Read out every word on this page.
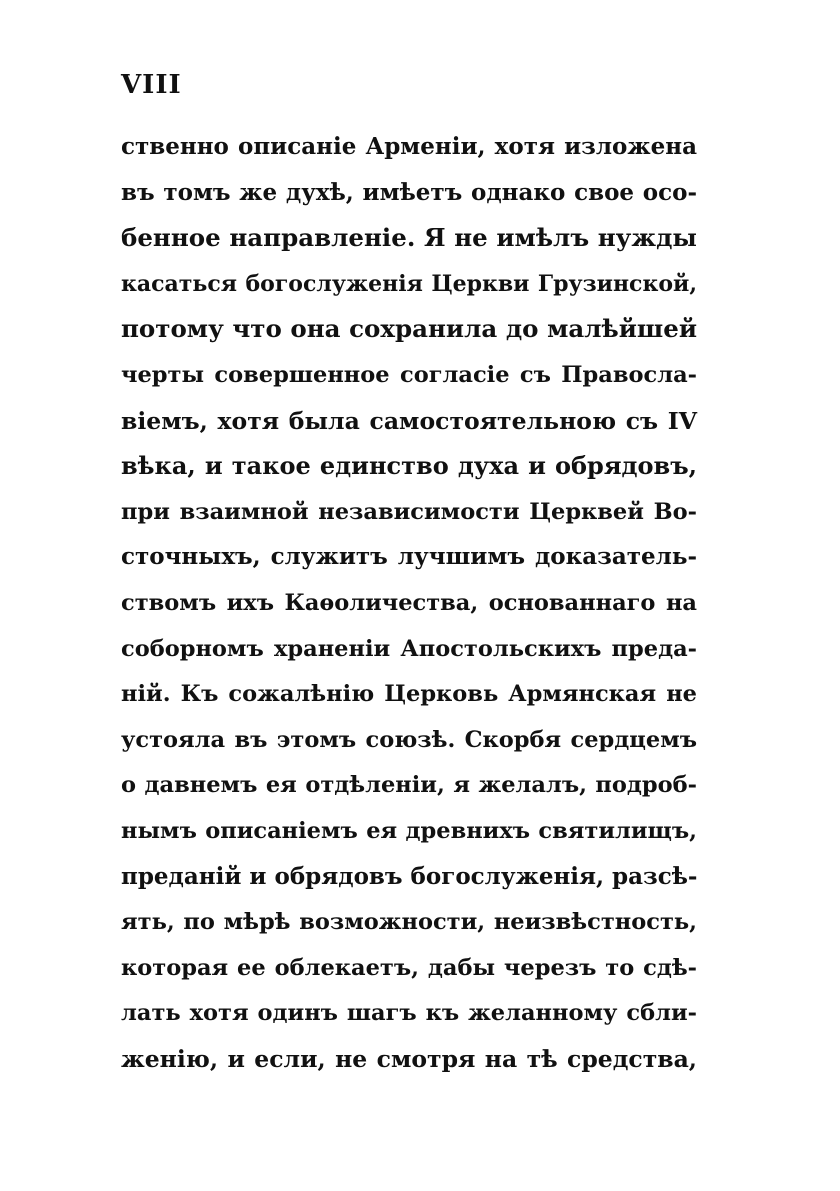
VIII
ственно описаніе Арменіи, хотя изложена
въ томъ же духѣ, имѣетъ однако свое осо-
бенное направленіе. Я не имѣлъ нужды
касаться богослуженія Церкви Грузинской,
потому что она сохранила до малѣйшей
черты совершенное согласіе съ Правосла-
віемъ, хотя была самостоятельною съ IV
вѣка, и такое единство духа и обрядовъ,
при взаимной независимости Церквей Во-
сточныхъ, служитъ лучшимъ доказатель-
ствомъ ихъ Каѳоличества, основаннаго на
соборномъ храненіи Апостольскихъ преда-
ній. Къ сожалѣнію Церковь Армянская не
устояла въ этомъ союзѣ. Скорбя сердцемъ
о давнемъ ея отдѣленіи, я желалъ, подроб-
нымъ описаніемъ ея древнихъ святилищъ,
преданій и обрядовъ богослуженія, разсѣ-
ять, по мѣрѣ возможности, неизвѣстность,
которая ее облекаетъ, дабы черезъ то сдѣ-
лать хотя одинъ шагъ къ желанному сбли-
женію, и если, не смотря на тѣ средства,
